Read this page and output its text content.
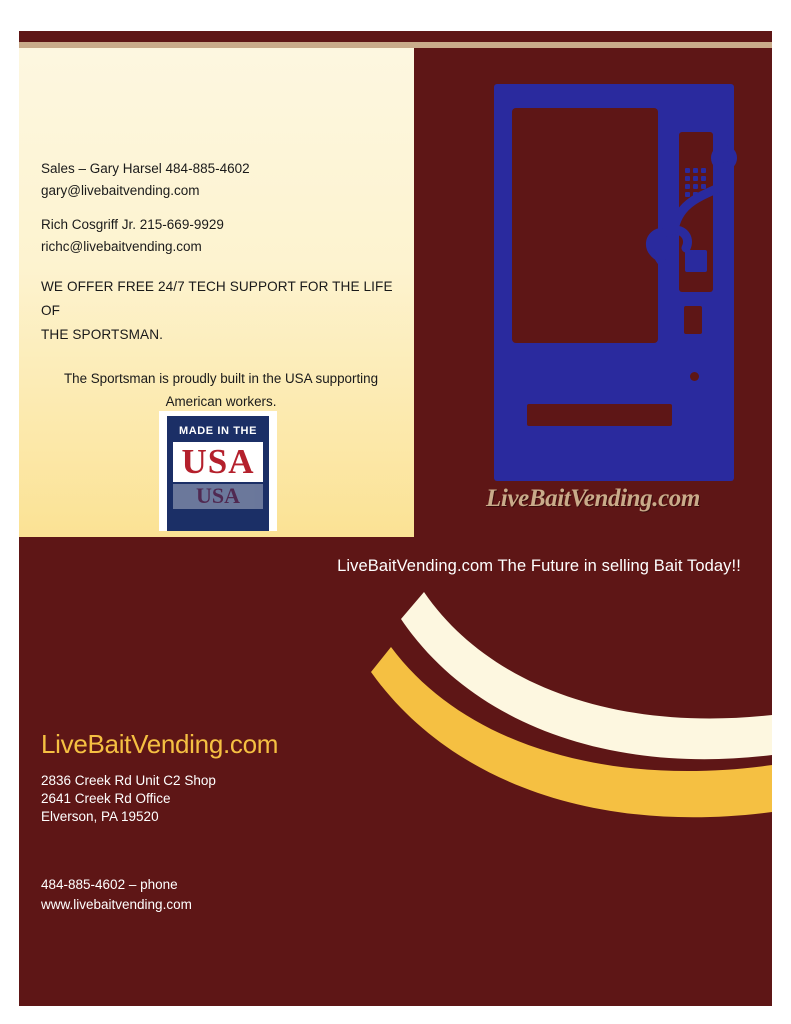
Sales – Gary Harsel 484-885-4602

gary@livebaitvending.com

Rich Cosgriff Jr. 215-669-9929

richc@livebaitvending.com

WE OFFER FREE 24/7 TECH SUPPORT FOR THE LIFE OF

THE SPORTSMAN.

The Sportsman is proudly built in the USA supporting

American workers.

MADE IN THE
USA
USA	LiveBaitVending.com
LiveBaitVending.com The Future in selling Bait Today!!
LiveBaitVending.com
2836 Creek Rd Unit C2 Shop
2641 Creek Rd Office
Elverson, PA 19520
484-885-4602 – phone
www.livebaitvending.com
